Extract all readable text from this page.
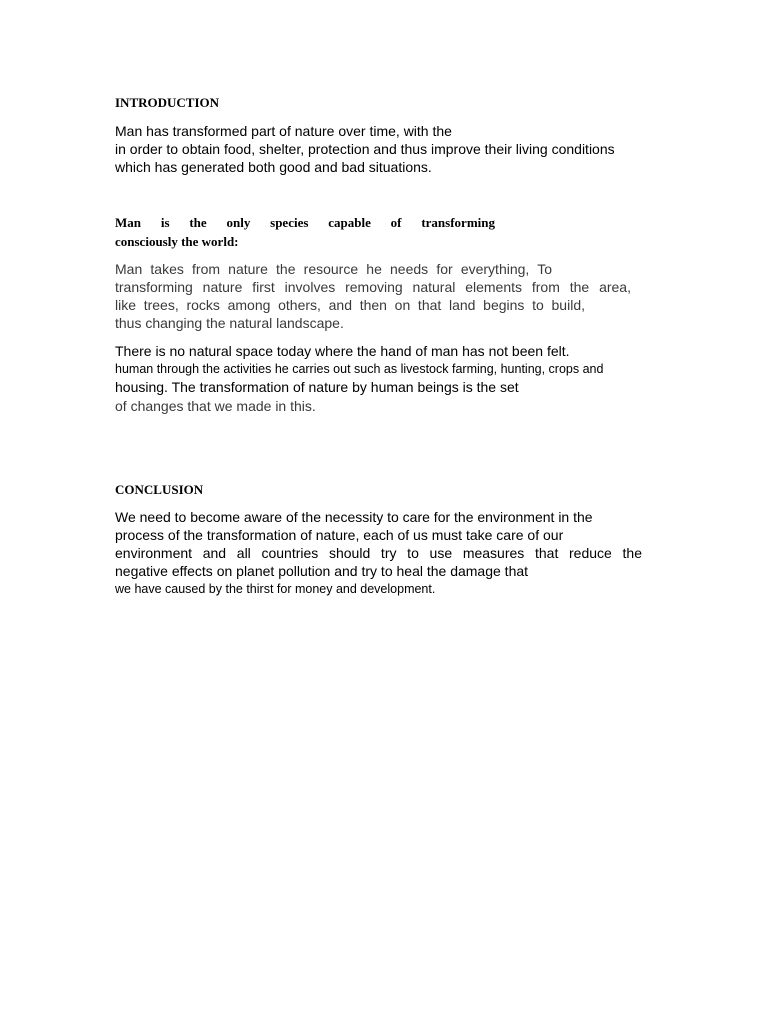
INTRODUCTION

Man has transformed part of nature over time, with the

in order to obtain food, shelter, protection and thus improve their living conditions

which has generated both good and bad situations.

Man is the only species capable of transforming

consciously the world:

Man takes from nature the resource he needs for everything, To

transforming nature first involves removing natural elements from the area,

like trees, rocks among others, and then on that land begins to build,

thus changing the natural landscape.

There is no natural space today where the hand of man has not been felt.

human through the activities he carries out such as livestock farming, hunting, crops and

housing. The transformation of nature by human beings is the set

of changes that we made in this.

CONCLUSION

We need to become aware of the necessity to care for the environment in the

process of the transformation of nature, each of us must take care of our

environment and all countries should try to use measures that reduce the

negative effects on planet pollution and try to heal the damage that

we have caused by the thirst for money and development.
